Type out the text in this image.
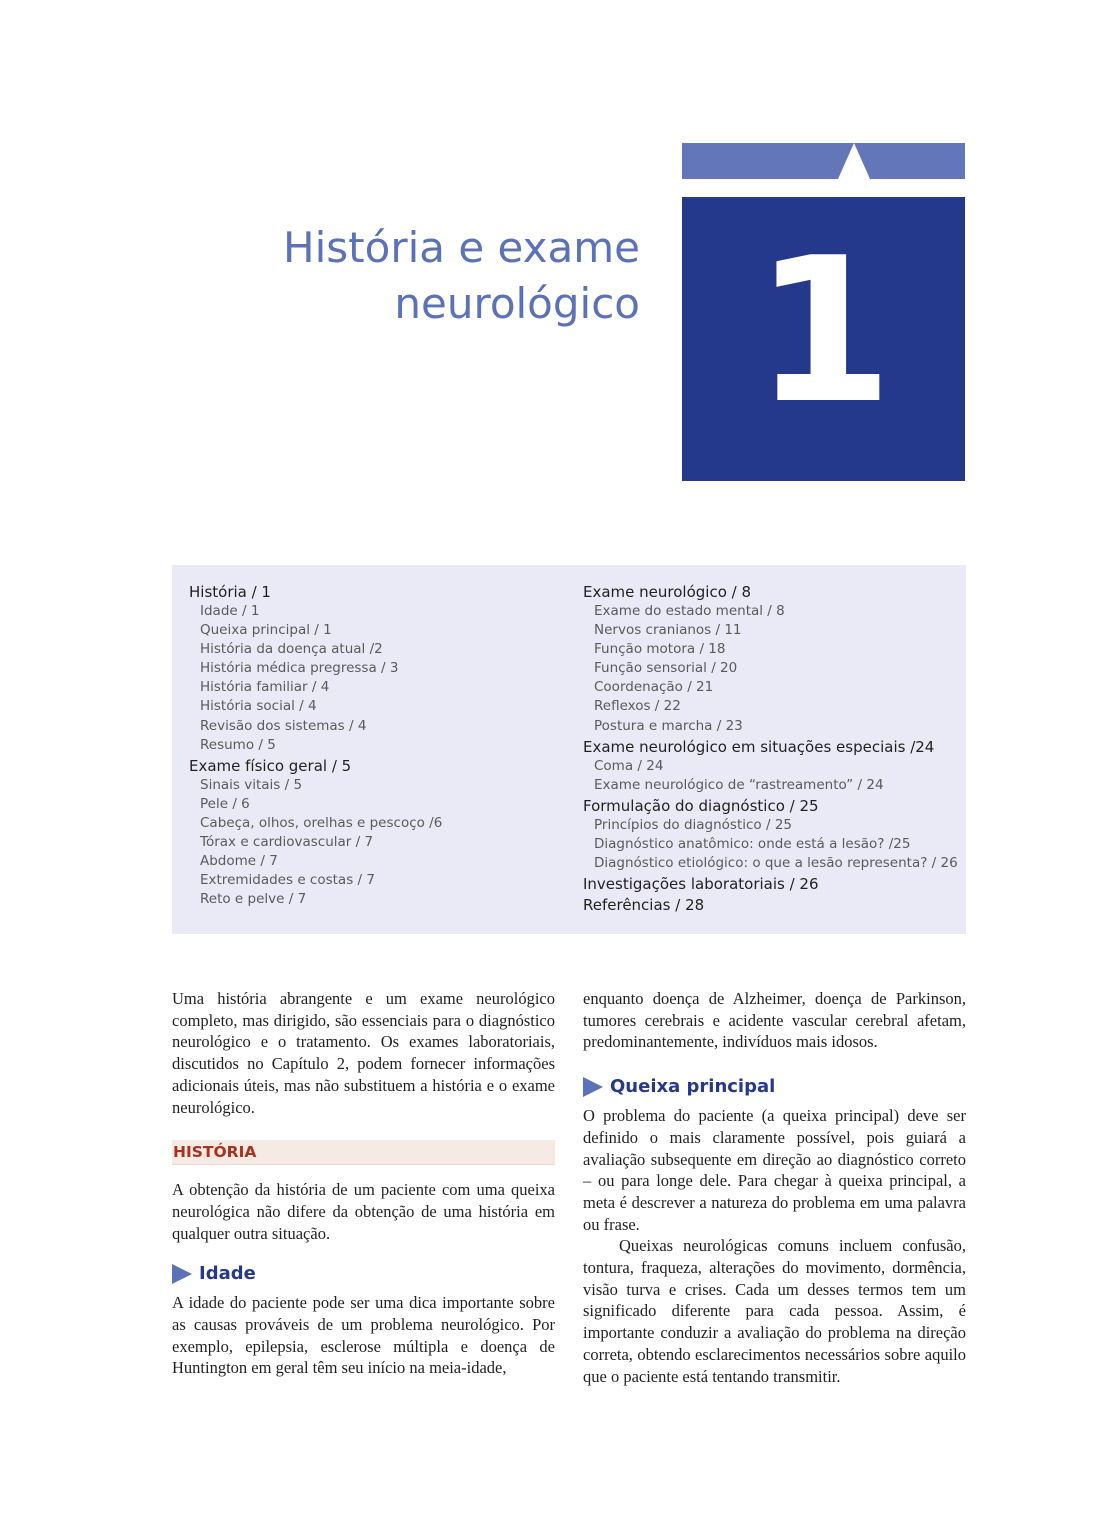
História e exame
neurológico 1
História / 1
Idade / 1
Queixa principal / 1
História da doença atual /2
História médica pregressa / 3
História familiar / 4
História social / 4
Revisão dos sistemas / 4
Resumo / 5
Exame físico geral / 5
Sinais vitais / 5
Pele / 6
Cabeça, olhos, orelhas e pescoço /6
Tórax e cardiovascular / 7
Abdome / 7
Extremidades e costas / 7
Reto e pelve / 7
Exame neurológico / 8
Exame do estado mental / 8
Nervos cranianos / 11
Função motora / 18
Função sensorial / 20
Coordenação / 21
Reflexos / 22
Postura e marcha / 23
Exame neurológico em situações especiais /24
Coma / 24
Exame neurológico de “rastreamento” / 24
Formulação do diagnóstico / 25
Princípios do diagnóstico / 25
Diagnóstico anatômico: onde está a lesão? /25
Diagnóstico etiológico: o que a lesão representa? / 26
Investigações laboratoriais / 26
Referências / 28

Uma história abrangente e um exame neurológico completo, mas dirigido, são essenciais para o diagnóstico neurológico e o tratamento. Os exames laboratoriais, discutidos no Capítulo 2, podem fornecer informações adicionais úteis, mas não substituem a história e o exame neurológico.

HISTÓRIA

A obtenção da história de um paciente com uma queixa neurológica não difere da obtenção de uma história em qualquer outra situação.

Idade

A idade do paciente pode ser uma dica importante sobre as causas prováveis de um problema neurológico. Por exemplo, epilepsia, esclerose múltipla e doença de Huntington em geral têm seu início na meia-idade,

enquanto doença de Alzheimer, doença de Parkinson, tumores cerebrais e acidente vascular cerebral afetam, predominantemente, indivíduos mais idosos.

Queixa principal

O problema do paciente (a queixa principal) deve ser definido o mais claramente possível, pois guiará a avaliação subsequente em direção ao diagnóstico correto – ou para longe dele. Para chegar à queixa principal, a meta é descrever a natureza do problema em uma palavra ou frase.

Queixas neurológicas comuns incluem confusão, tontura, fraqueza, alterações do movimento, dormência, visão turva e crises. Cada um desses termos tem um significado diferente para cada pessoa. Assim, é importante conduzir a avaliação do problema na direção correta, obtendo esclarecimentos necessários sobre aquilo que o paciente está tentando transmitir.
